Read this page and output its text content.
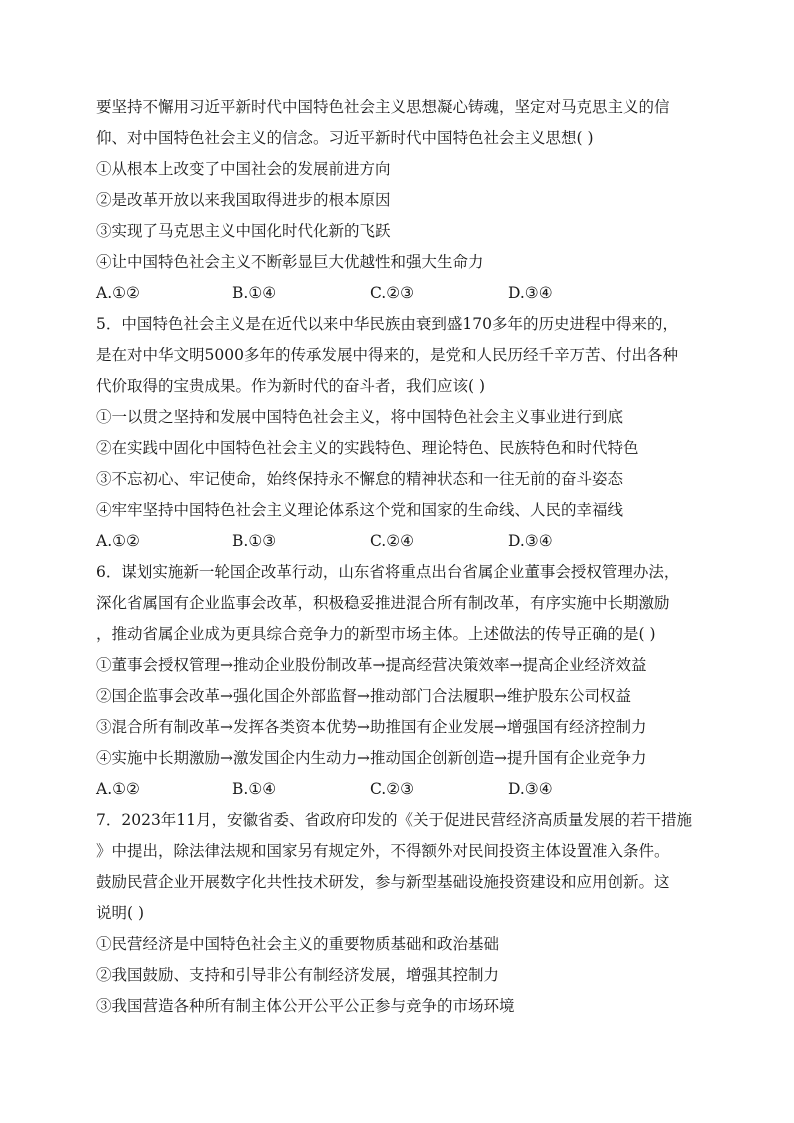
要坚持不懈用习近平新时代中国特色社会主义思想凝心铸魂，坚定对马克思主义的信
仰、对中国特色社会主义的信念。习近平新时代中国特色社会主义思想( )
①从根本上改变了中国社会的发展前进方向
②是改革开放以来我国取得进步的根本原因
③实现了马克思主义中国化时代化新的飞跃
④让中国特色社会主义不断彰显巨大优越性和强大生命力
A.①②	B.①④	C.②③	D.③④
5．中国特色社会主义是在近代以来中华民族由衰到盛170多年的历史进程中得来的，
是在对中华文明5000多年的传承发展中得来的，是党和人民历经千辛万苦、付出各种
代价取得的宝贵成果。作为新时代的奋斗者，我们应该( )
①一以贯之坚持和发展中国特色社会主义，将中国特色社会主义事业进行到底
②在实践中固化中国特色社会主义的实践特色、理论特色、民族特色和时代特色
③不忘初心、牢记使命，始终保持永不懈怠的精神状态和一往无前的奋斗姿态
④牢牢坚持中国特色社会主义理论体系这个党和国家的生命线、人民的幸福线
A.①②	B.①③	C.②④	D.③④
6．谋划实施新一轮国企改革行动，山东省将重点出台省属企业董事会授权管理办法，
深化省属国有企业监事会改革，积极稳妥推进混合所有制改革，有序实施中长期激励
，推动省属企业成为更具综合竞争力的新型市场主体。上述做法的传导正确的是( )
①董事会授权管理→推动企业股份制改革→提高经营决策效率→提高企业经济效益
②国企监事会改革→强化国企外部监督→推动部门合法履职→维护股东公司权益
③混合所有制改革→发挥各类资本优势→助推国有企业发展→增强国有经济控制力
④实施中长期激励→激发国企内生动力→推动国企创新创造→提升国有企业竞争力
A.①②	B.①④	C.②③	D.③④
7．2023年11月，安徽省委、省政府印发的《关于促进民营经济高质量发展的若干措施
》中提出，除法律法规和国家另有规定外，不得额外对民间投资主体设置准入条件。
鼓励民营企业开展数字化共性技术研发，参与新型基础设施投资建设和应用创新。这
说明( )
①民营经济是中国特色社会主义的重要物质基础和政治基础
②我国鼓励、支持和引导非公有制经济发展，增强其控制力
③我国营造各种所有制主体公开公平公正参与竞争的市场环境
